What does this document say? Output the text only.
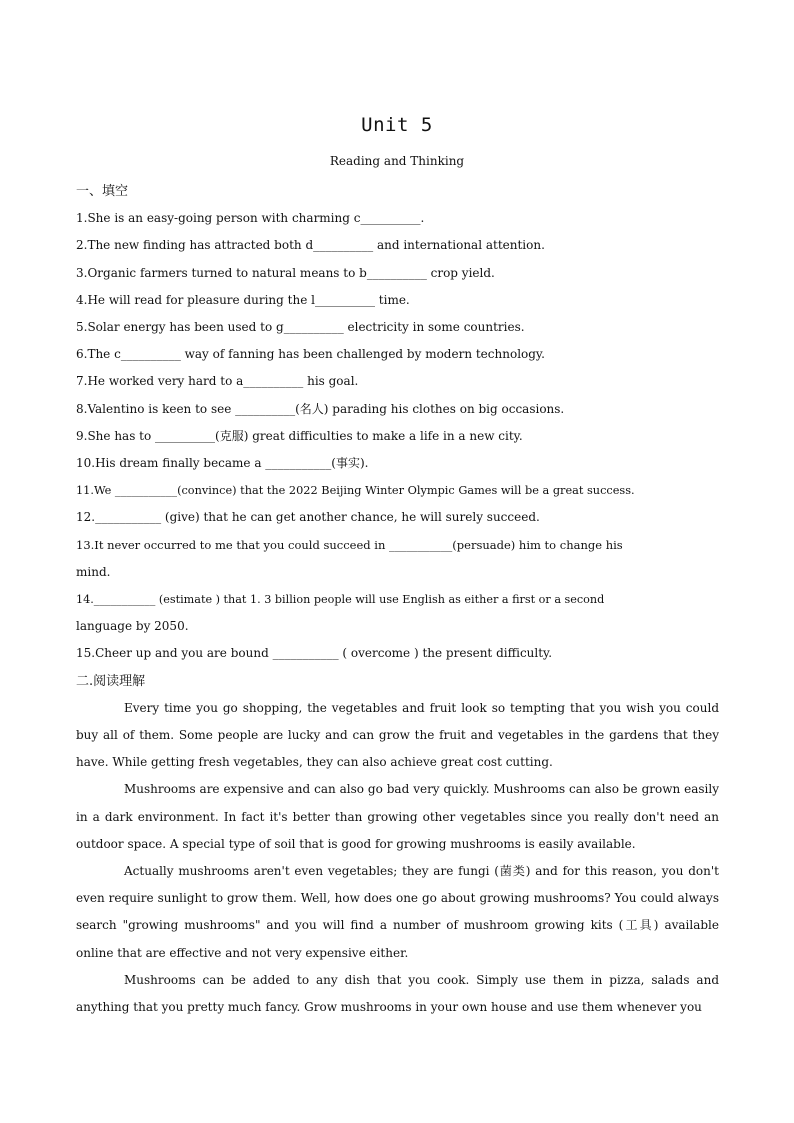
Unit 5
Reading and Thinking
一、填空
1.She is an easy-going person with charming c__________.
2.The new finding has attracted both d__________ and international attention.
3.Organic farmers turned to natural means to b__________ crop yield.
4.He will read for pleasure during the l__________ time.
5.Solar energy has been used to g__________ electricity in some countries.
6.The c__________ way of fanning has been challenged by modern technology.
7.He worked very hard to a__________ his goal.
8.Valentino is keen to see __________(名人) parading his clothes on big occasions.
9.She has to __________(克服) great difficulties to make a life in a new city.
10.His dream finally became a ___________(事实).
11.We ___________(convince) that the 2022 Beijing Winter Olympic Games will be a great success.
12.___________ (give) that he can get another chance, he will surely succeed.
13.It never occurred to me that you could succeed in ___________(persuade) him to change his
mind.
14.___________ (estimate ) that 1. 3 billion people will use English as either a first or a second
language by 2050.
15.Cheer up and you are bound ___________ ( overcome ) the present difficulty.
二.阅读理解

Every time you go shopping, the vegetables and fruit look so tempting that you wish you could buy all of them. Some people are lucky and can grow the fruit and vegetables in the gardens that they have. While getting fresh vegetables, they can also achieve great cost cutting.

Mushrooms are expensive and can also go bad very quickly. Mushrooms can also be grown easily in a dark environment. In fact it's better than growing other vegetables since you really don't need an outdoor space. A special type of soil that is good for growing mushrooms is easily available.

Actually mushrooms aren't even vegetables; they are fungi (菌类) and for this reason, you don't even require sunlight to grow them. Well, how does one go about growing mushrooms? You could always search "growing mushrooms" and you will find a number of mushroom growing kits (工具) available online that are effective and not very expensive either.

Mushrooms can be added to any dish that you cook. Simply use them in pizza, salads and anything that you pretty much fancy. Grow mushrooms in your own house and use them whenever you
